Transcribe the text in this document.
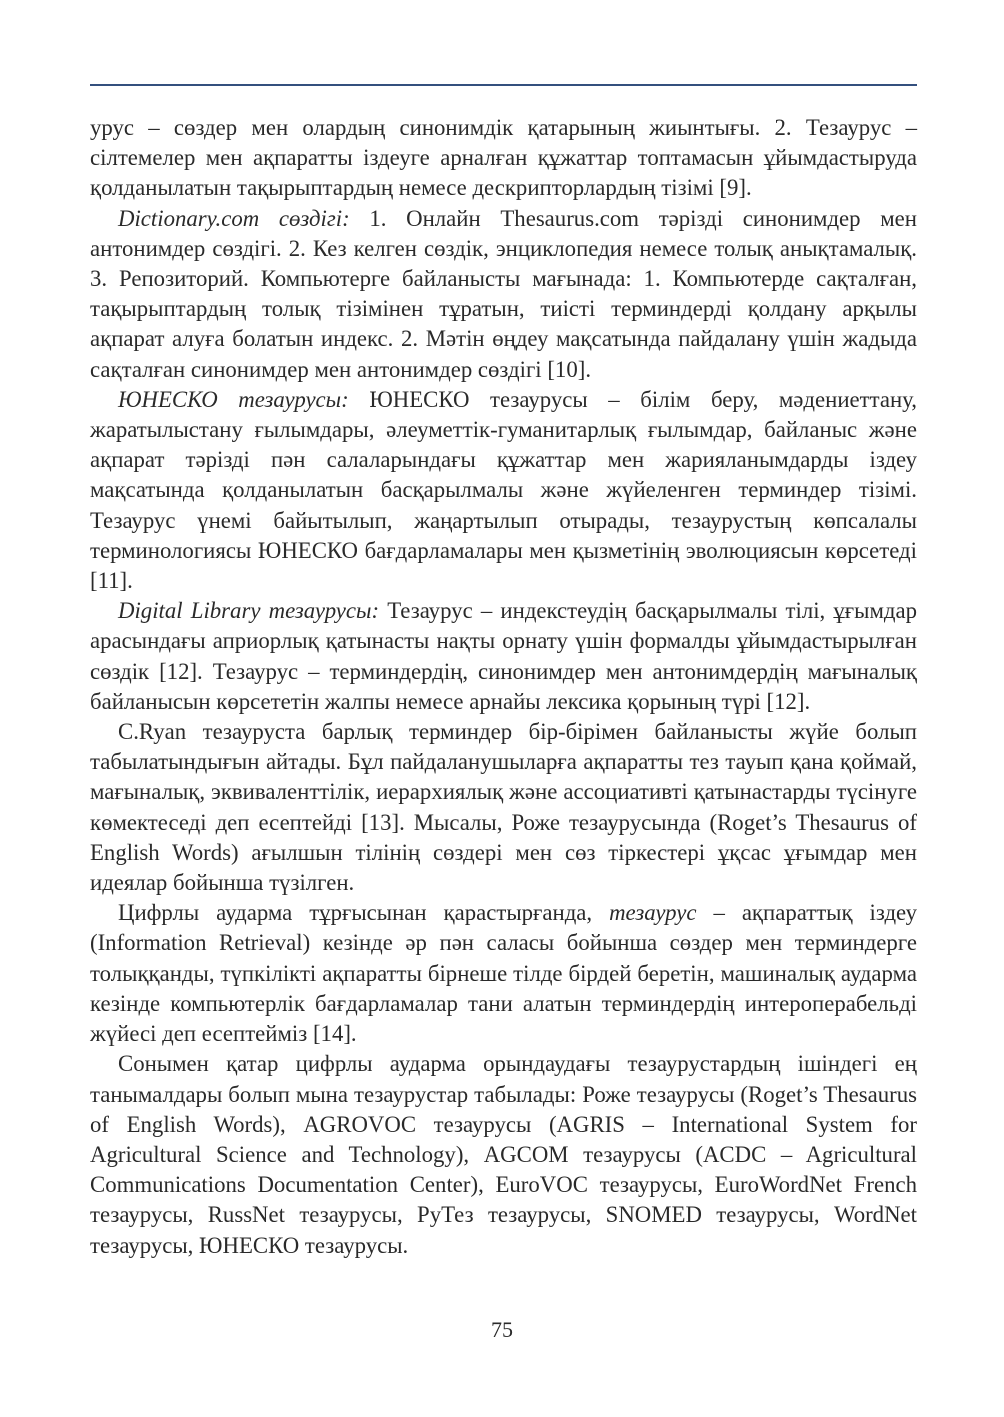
урус – сөздер мен олардың синонимдік қатарының жиынтығы. 2. Тезаурус – сілтемелер мен ақпаратты іздеуге арналған құжаттар топтамасын ұйымдастыруда қолданылатын тақырыптардың немесе дескрипторлардың тізімі [9].

Dictionary.com сөздігі: 1. Онлайн Thesaurus.com тәрізді синонимдер мен антонимдер сөздігі. 2. Кез келген сөздік, энциклопедия немесе толық анықтамалық. 3. Репозиторий. Компьютерге байланысты мағынада: 1. Компьютерде сақталған, тақырыптардың толық тізімінен тұратын, тиісті терминдерді қолдану арқылы ақпарат алуға болатын индекс. 2. Мәтін өңдеу мақсатында пайдалану үшін жадыда сақталған синонимдер мен антонимдер сөздігі [10].

ЮНЕСКО тезаурусы: ЮНЕСКО тезаурусы – білім беру, мәдениеттану, жаратылыстану ғылымдары, әлеуметтік-гуманитарлық ғылымдар, байланыс және ақпарат тәрізді пән салаларындағы құжаттар мен жарияланымдарды іздеу мақсатында қолданылатын басқарылмалы және жүйеленген терминдер тізімі. Тезаурус үнемі байытылып, жаңартылып отырады, тезаурустың көпсалалы терминологиясы ЮНЕСКО бағдарламалары мен қызметінің эволюциясын көрсетеді [11].

Digital Library тезаурусы: Тезаурус – индекстеудің басқарылмалы тілі, ұғымдар арасындағы априорлық қатынасты нақты орнату үшін формалды ұйымдастырылған сөздік [12]. Тезаурус – терминдердің, синонимдер мен антонимдердің мағыналық байланысын көрсететін жалпы немесе арнайы лексика қорының түрі [12].

C.Ryan тезауруста барлық терминдер бір-бірімен байланысты жүйе болып табылатындығын айтады. Бұл пайдаланушыларға ақпаратты тез тауып қана қоймай, мағыналық, эквиваленттілік, иерархиялық және ассоциативті қатынастарды түсінуге көмектеседі деп есептейді [13]. Мысалы, Роже тезаурусында (Roget’s Thesaurus of English Words) ағылшын тілінің сөздері мен сөз тіркестері ұқсас ұғымдар мен идеялар бойынша түзілген.

Цифрлы аударма тұрғысынан қарастырғанда, тезаурус – ақпараттық іздеу (Information Retrieval) кезінде әр пән саласы бойынша сөздер мен терминдерге толыққанды, түпкілікті ақпаратты бірнеше тілде бірдей беретін, машиналық аударма кезінде компьютерлік бағдарламалар тани алатын терминдердің интероперабельді жүйесі деп есептейміз [14].

Сонымен қатар цифрлы аударма орындаудағы тезаурустардың ішіндегі ең танымалдары болып мына тезаурустар табылады: Роже тезаурусы (Roget’s Thesaurus of English Words), AGROVOC тезаурусы (AGRIS – International System for Agricultural Science and Technology), AGCOM тезаурусы (ACDC – Agricultural Communications Documentation Center), EuroVOC тезаурусы, EuroWordNet French тезаурусы, RussNet тезаурусы, РуТез тезаурусы, SNOMED тезаурусы, WordNet тезаурусы, ЮНЕСКО тезаурусы.

75
